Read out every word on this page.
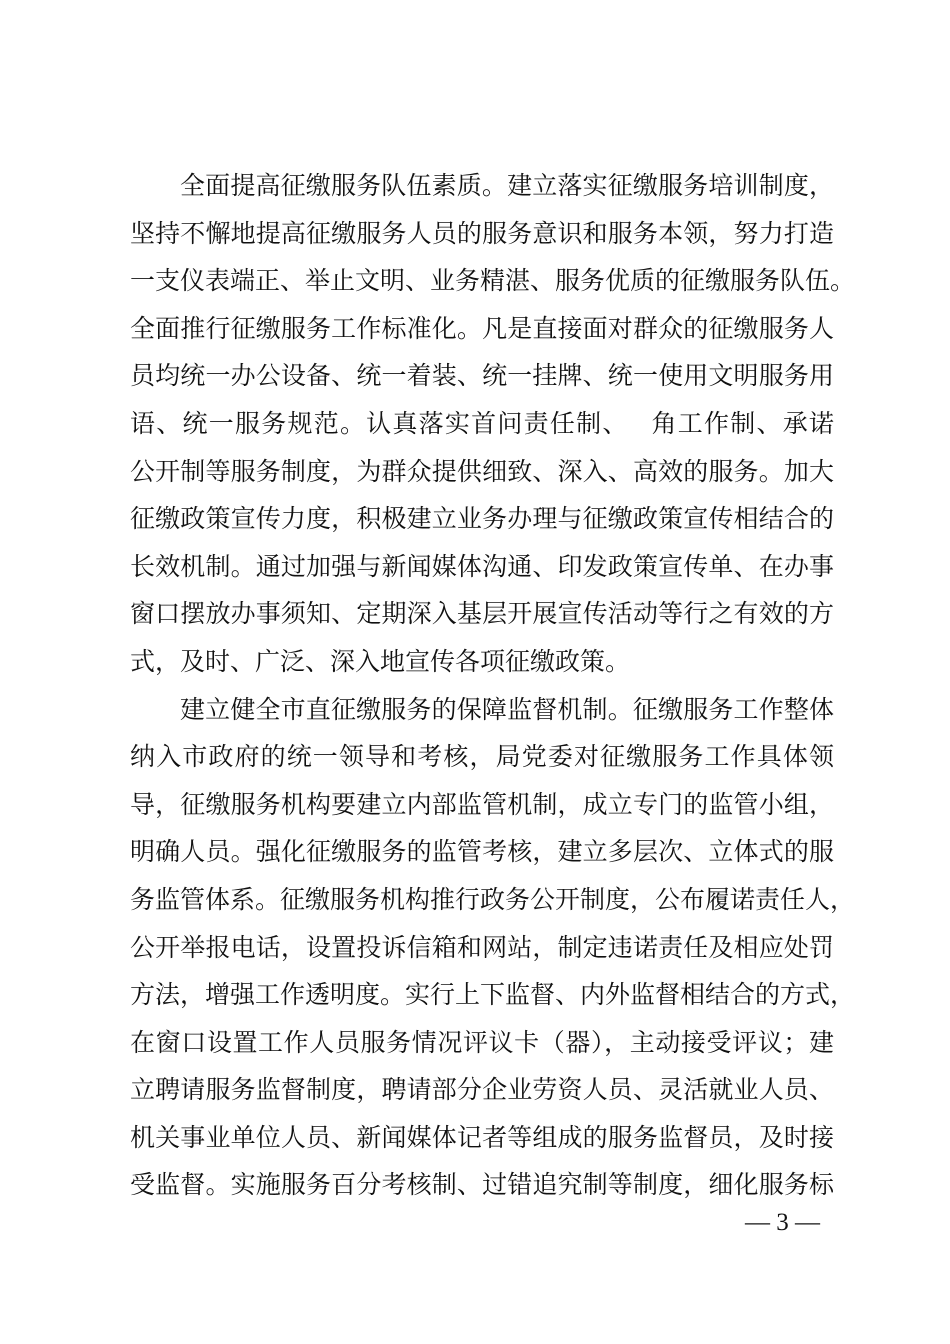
全面提高征缴服务队伍素质。建立落实征缴服务培训制度，
坚持不懈地提高征缴服务人员的服务意识和服务本领，努力打造
一支仪表端正、举止文明、业务精湛、服务优质的征缴服务队伍。
全面推行征缴服务工作标准化。凡是直接面对群众的征缴服务人
员均统一办公设备、统一着装、统一挂牌、统一使用文明服务用
语、统一服务规范。认真落实首问责任制、　 角工作制、承诺
公开制等服务制度，为群众提供细致、深入、高效的服务。加大
征缴政策宣传力度，积极建立业务办理与征缴政策宣传相结合的
长效机制。通过加强与新闻媒体沟通、印发政策宣传单、在办事
窗口摆放办事须知、定期深入基层开展宣传活动等行之有效的方
式，及时、广泛、深入地宣传各项征缴政策。
建立健全市直征缴服务的保障监督机制。征缴服务工作整体
纳入市政府的统一领导和考核，局党委对征缴服务工作具体领
导，征缴服务机构要建立内部监管机制，成立专门的监管小组，
明确人员。强化征缴服务的监管考核，建立多层次、立体式的服
务监管体系。征缴服务机构推行政务公开制度，公布履诺责任人，
公开举报电话，设置投诉信箱和网站，制定违诺责任及相应处罚
方法，增强工作透明度。实行上下监督、内外监督相结合的方式，
在窗口设置工作人员服务情况评议卡（器），主动接受评议；建
立聘请服务监督制度，聘请部分企业劳资人员、灵活就业人员、
机关事业单位人员、新闻媒体记者等组成的服务监督员，及时接
受监督。实施服务百分考核制、过错追究制等制度，细化服务标
— 3 —
